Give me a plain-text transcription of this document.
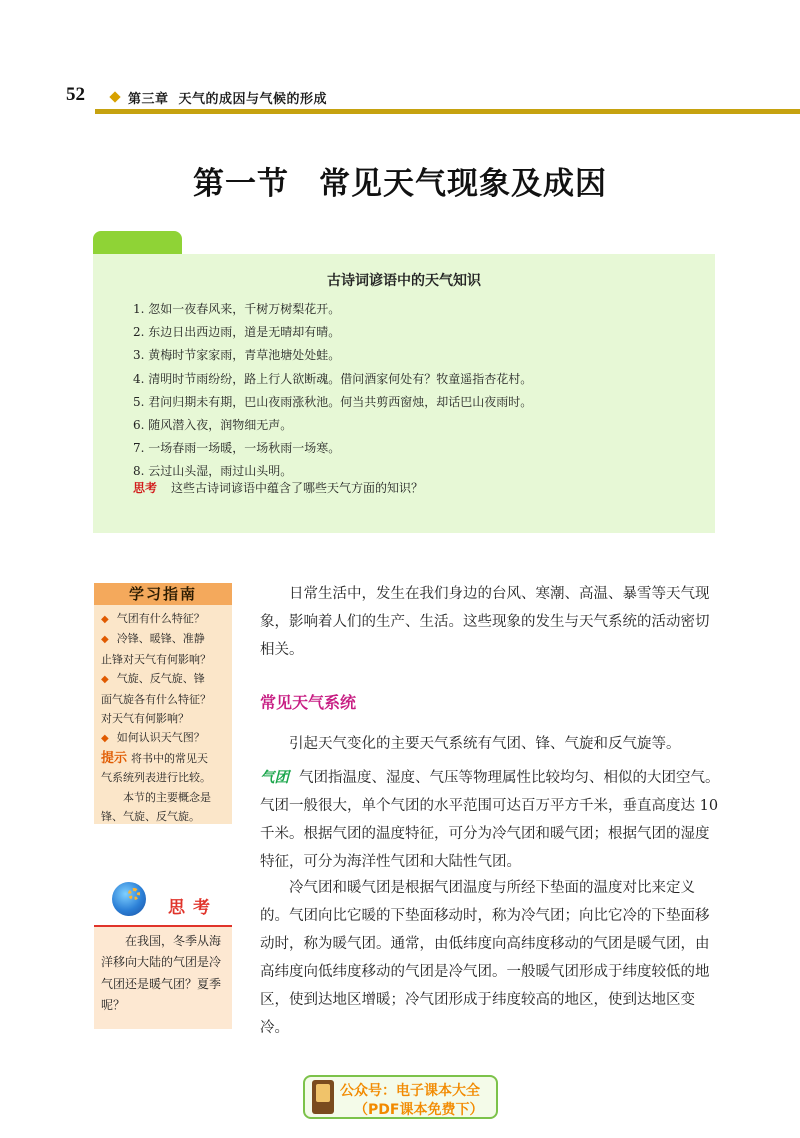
52	第三章 天气的成因与气候的形成
第一节 常见天气现象及成因
古诗词谚语中的天气知识
1. 忽如一夜春风来，千树万树梨花开。
2. 东边日出西边雨，道是无晴却有晴。
3. 黄梅时节家家雨，青草池塘处处蛙。
4. 清明时节雨纷纷，路上行人欲断魂。借问酒家何处有？牧童遥指杏花村。
5. 君问归期未有期，巴山夜雨涨秋池。何当共剪西窗烛，却话巴山夜雨时。
6. 随风潜入夜，润物细无声。
7. 一场春雨一场暖，一场秋雨一场寒。
8. 云过山头湿，雨过山头明。
思考 这些古诗词谚语中蕴含了哪些天气方面的知识？
学习指南

◆ 气团有什么特征？

◆ 冷锋、暖锋、准静

止锋对天气有何影响？

◆ 气旋、反气旋、锋

面气旋各有什么特征？

对天气有何影响？

◆ 如何认识天气图？

提示 将书中的常见天

气系统列表进行比较。

本节的主要概念是

锋、气旋、反气旋。

思考
在我国，冬季从海洋移向大陆的气团是冷气团还是暖气团？夏季呢？

日常生活中，发生在我们身边的台风、寒潮、高温、暴雪等天气现象，影响着人们的生产、生活。这些现象的发生与天气系统的活动密切相关。

常见天气系统

引起天气变化的主要天气系统有气团、锋、气旋和反气旋等。

气团 气团指温度、湿度、气压等物理属性比较均匀、相似的大团空气。气团一般很大，单个气团的水平范围可达百万平方千米，垂直高度达 10 千米。根据气团的温度特征，可分为冷气团和暖气团；根据气团的湿度特征，可分为海洋性气团和大陆性气团。

冷气团和暖气团是根据气团温度与所经下垫面的温度对比来定义的。气团向比它暖的下垫面移动时，称为冷气团；向比它冷的下垫面移动时，称为暖气团。通常，由低纬度向高纬度移动的气团是暖气团，由高纬度向低纬度移动的气团是冷气团。一般暖气团形成于纬度较低的地区，使到达地区增暖；冷气团形成于纬度较高的地区，使到达地区变冷。

公众号：电子课本大全
（PDF课本免费下）
